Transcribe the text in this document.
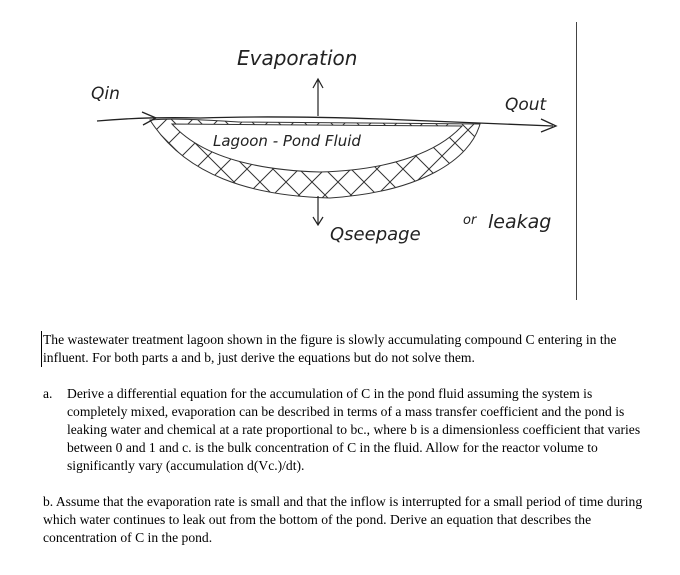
Evaporation
Qin
Qout
Lagoon - Pond Fluid
Qseepage
or leakag

The wastewater treatment lagoon shown in the figure is slowly accumulating compound C entering in the influent. For both parts a and b, just derive the equations but do not solve them.

a.	Derive a differential equation for the accumulation of C in the pond fluid assuming the system is completely mixed, evaporation can be described in terms of a mass transfer coefficient and the pond is leaking water and chemical at a rate proportional to bc., where b is a dimensionless coefficient that varies between 0 and 1 and c. is the bulk concentration of C in the fluid. Allow for the reactor volume to significantly vary (accumulation d(Vc.)/dt).

b. Assume that the evaporation rate is small and that the inflow is interrupted for a small period of time during which water continues to leak out from the bottom of the pond. Derive an equation that describes the concentration of C in the pond.
